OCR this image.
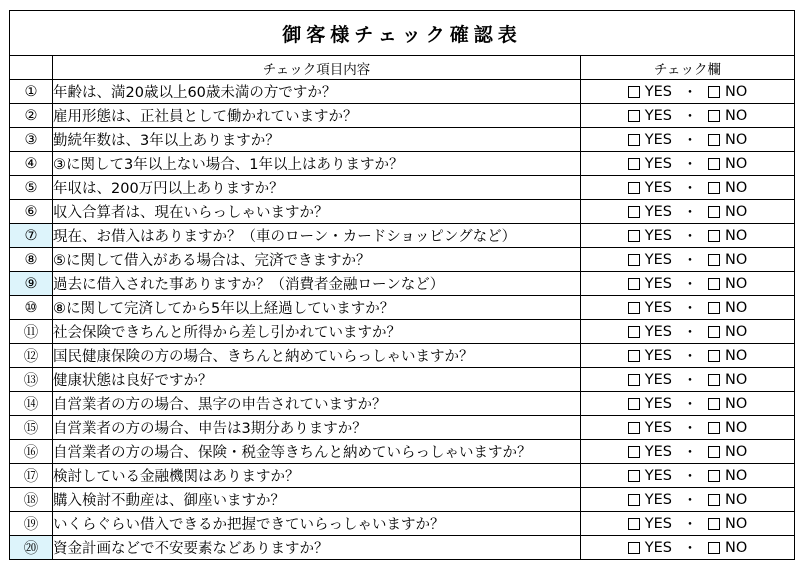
御客様チェック確認表		
	チェック項目内容	チェック欄
①	年齢は、満20歳以上60歳未満の方ですか？	YES ・ NO

②	雇用形態は、正社員として働かれていますか？	YES ・ NO

③	勤続年数は、3年以上ありますか？	YES ・ NO

④	③に関して3年以上ない場合、1年以上はありますか？	YES ・ NO

⑤	年収は、200万円以上ありますか？	YES ・ NO

⑥	収入合算者は、現在いらっしゃいますか？	YES ・ NO

⑦	現在、お借入はありますか？（車のローン・カードショッピングなど）	YES ・ NO

⑧	⑤に関して借入がある場合は、完済できますか？	YES ・ NO

⑨	過去に借入された事ありますか？（消費者金融ローンなど）	YES ・ NO

⑩	⑧に関して完済してから5年以上経過していますか？	YES ・ NO

⑪	社会保険できちんと所得から差し引かれていますか？	YES ・ NO

⑫	国民健康保険の方の場合、きちんと納めていらっしゃいますか？	YES ・ NO

⑬	健康状態は良好ですか？	YES ・ NO

⑭	自営業者の方の場合、黒字の申告されていますか？	YES ・ NO

⑮	自営業者の方の場合、申告は3期分ありますか？	YES ・ NO

⑯	自営業者の方の場合、保険・税金等きちんと納めていらっしゃいますか？	YES ・ NO

⑰	検討している金融機関はありますか？	YES ・ NO

⑱	購入検討不動産は、御座いますか？	YES ・ NO

⑲	いくらぐらい借入できるか把握できていらっしゃいますか？	YES ・ NO

⑳	資金計画などで不安要素などありますか？	YES ・ NO
